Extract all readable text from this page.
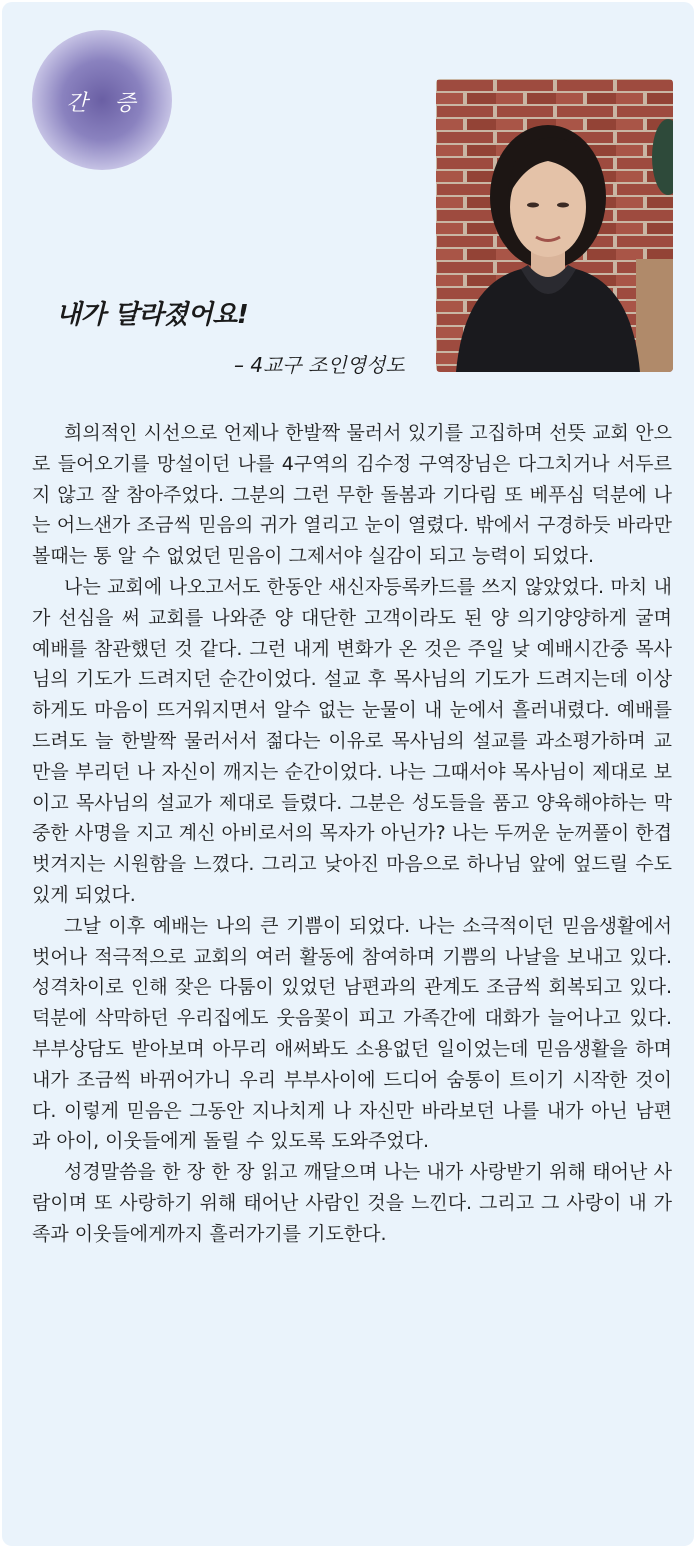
간 증
내가 달라졌어요!
– 4교구 조인영성도

희의적인 시선으로 언제나 한발짝 물러서 있기를 고집하며 선뜻 교회 안으로 들어오기를 망설이던 나를 4구역의 김수정 구역장님은 다그치거나 서두르지 않고 잘 참아주었다. 그분의 그런 무한 돌봄과 기다림 또 베푸심 덕분에 나는 어느샌가 조금씩 믿음의 귀가 열리고 눈이 열렸다. 밖에서 구경하듯 바라만 볼때는 통 알 수 없었던 믿음이 그제서야 실감이 되고 능력이 되었다.

나는 교회에 나오고서도 한동안 새신자등록카드를 쓰지 않았었다. 마치 내가 선심을 써 교회를 나와준 양 대단한 고객이라도 된 양 의기양양하게 굴며 예배를 참관했던 것 같다. 그런 내게 변화가 온 것은 주일 낮 예배시간중 목사님의 기도가 드려지던 순간이었다. 설교 후 목사님의 기도가 드려지는데 이상하게도 마음이 뜨거워지면서 알수 없는 눈물이 내 눈에서 흘러내렸다. 예배를 드려도 늘 한발짝 물러서서 젊다는 이유로 목사님의 설교를 과소평가하며 교만을 부리던 나 자신이 깨지는 순간이었다. 나는 그때서야 목사님이 제대로 보이고 목사님의 설교가 제대로 들렸다. 그분은 성도들을 품고 양육해야하는 막중한 사명을 지고 계신 아비로서의 목자가 아닌가? 나는 두꺼운 눈꺼풀이 한겹 벗겨지는 시원함을 느꼈다. 그리고 낮아진 마음으로 하나님 앞에 엎드릴 수도 있게 되었다.

그날 이후 예배는 나의 큰 기쁨이 되었다. 나는 소극적이던 믿음생활에서 벗어나 적극적으로 교회의 여러 활동에 참여하며 기쁨의 나날을 보내고 있다. 성격차이로 인해 잦은 다툼이 있었던 남편과의 관계도 조금씩 회복되고 있다. 덕분에 삭막하던 우리집에도 웃음꽃이 피고 가족간에 대화가 늘어나고 있다. 부부상담도 받아보며 아무리 애써봐도 소용없던 일이었는데 믿음생활을 하며 내가 조금씩 바뀌어가니 우리 부부사이에 드디어 숨통이 트이기 시작한 것이다. 이렇게 믿음은 그동안 지나치게 나 자신만 바라보던 나를 내가 아닌 남편과 아이, 이웃들에게 돌릴 수 있도록 도와주었다.

성경말씀을 한 장 한 장 읽고 깨달으며 나는 내가 사랑받기 위해 태어난 사람이며 또 사랑하기 위해 태어난 사람인 것을 느낀다. 그리고 그 사랑이 내 가족과 이웃들에게까지 흘러가기를 기도한다.
